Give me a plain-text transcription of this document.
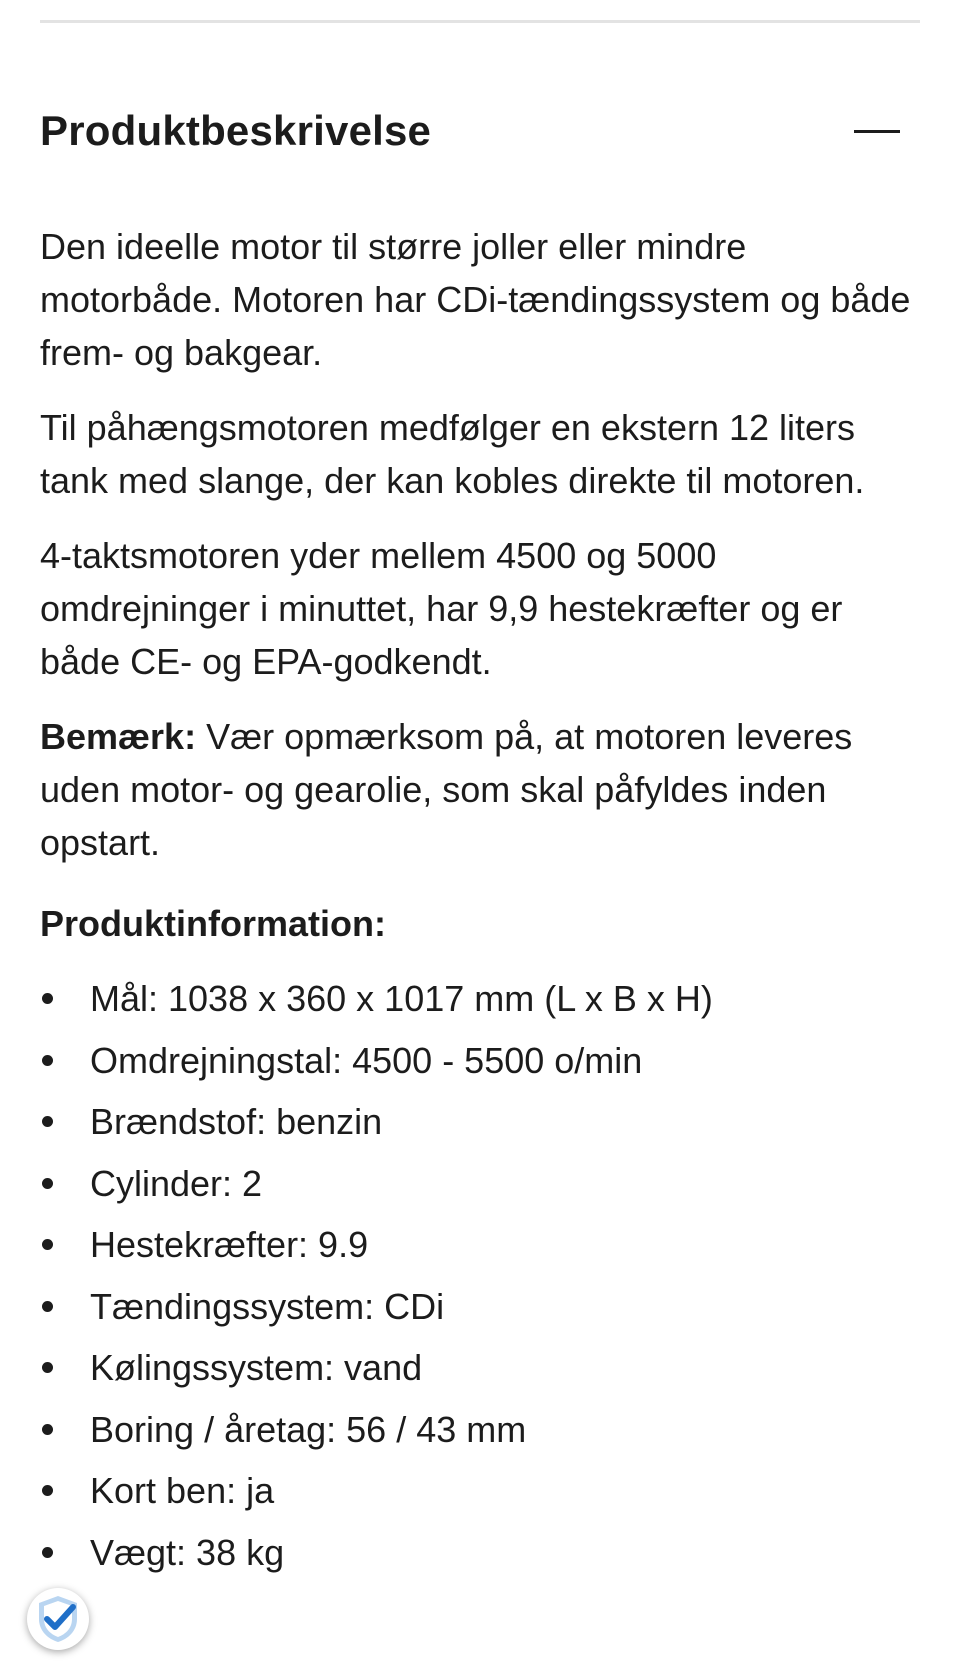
Produktbeskrivelse

Den ideelle motor til større joller eller mindre motorbåde. Motoren har CDi-tændingssystem og både frem- og bakgear.

Til påhængsmotoren medfølger en ekstern 12 liters tank med slange, der kan kobles direkte til motoren.

4-taktsmotoren yder mellem 4500 og 5000 omdrejninger i minuttet, har 9,9 hestekræfter og er både CE- og EPA-godkendt.

Bemærk: Vær opmærksom på, at motoren leveres uden motor- og gearolie, som skal påfyldes inden opstart.

Produktinformation:
Mål: 1038 x 360 x 1017 mm (L x B x H)
Omdrejningstal: 4500 - 5500 o/min
Brændstof: benzin
Cylinder: 2
Hestekræfter: 9.9
Tændingssystem: CDi
Kølingssystem: vand
Boring / åretag: 56 / 43 mm
Kort ben: ja
Vægt: 38 kg
